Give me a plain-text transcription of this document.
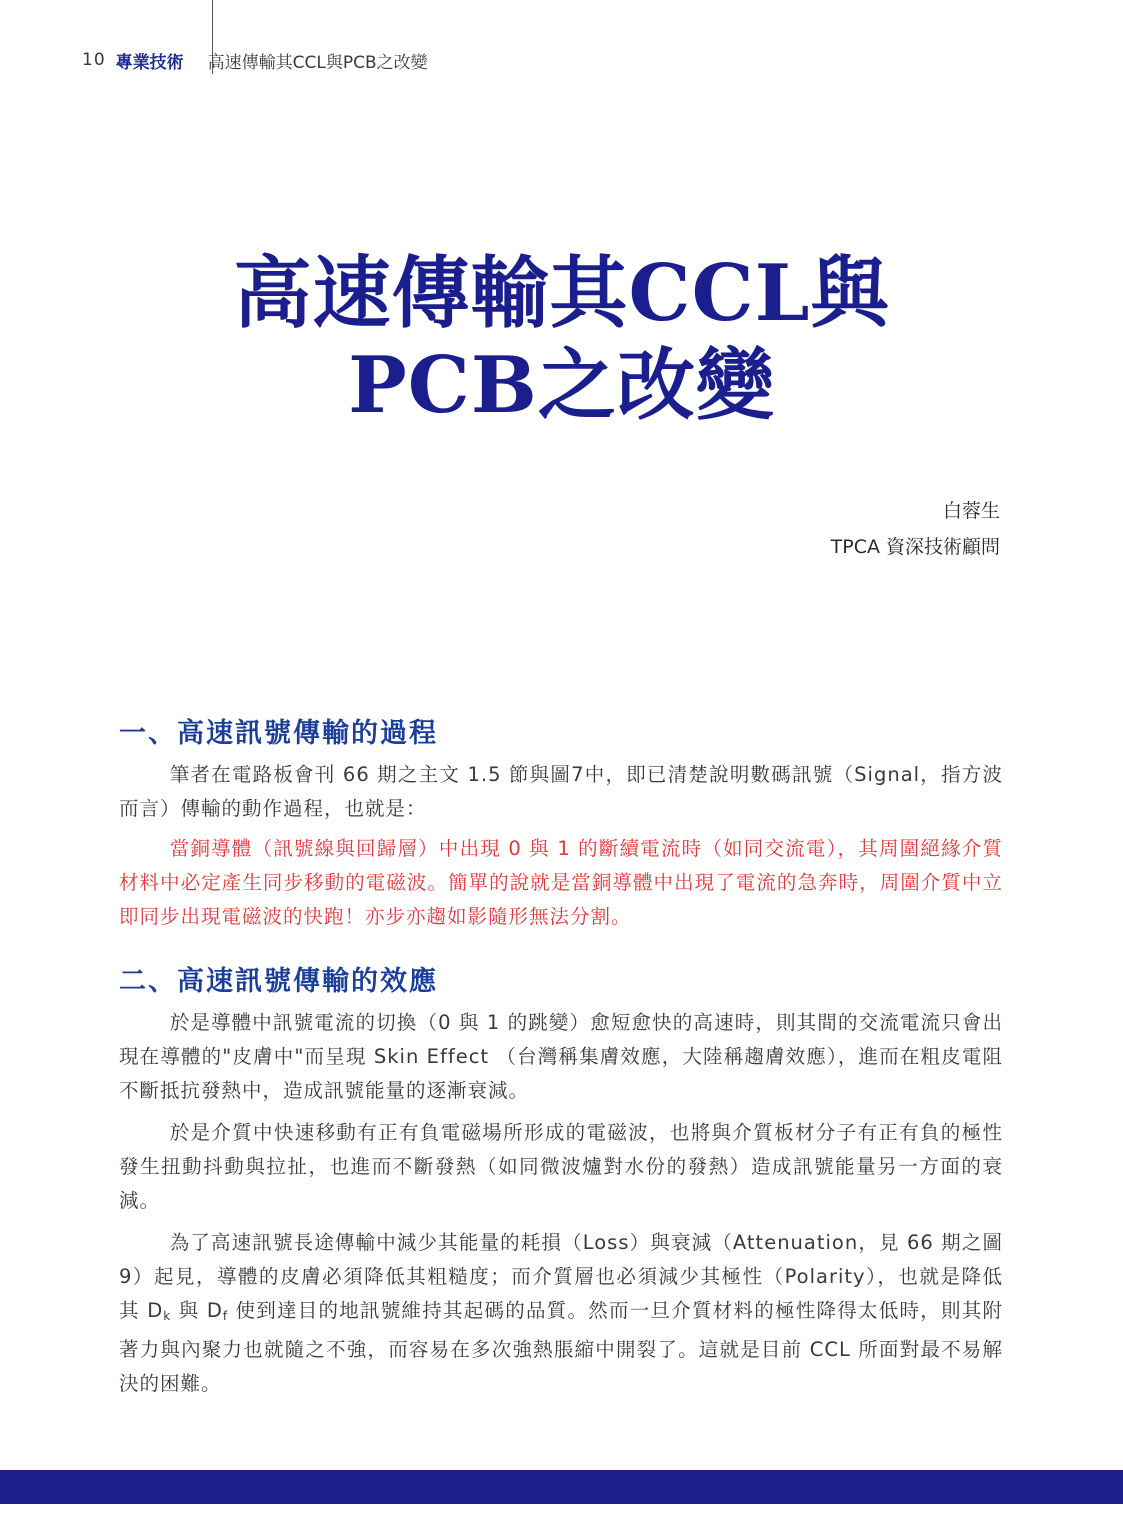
10 專業技術 高速傳輸其CCL與PCB之改變
高速傳輸其CCL與
PCB之改變
白蓉生
TPCA 資深技術顧問
一、高速訊號傳輸的過程

筆者在電路板會刊 66 期之主文 1.5 節與圖7中，即已清楚說明數碼訊號（Signal，指方波而言）傳輸的動作過程，也就是：

當銅導體（訊號線與回歸層）中出現 0 與 1 的斷續電流時（如同交流電），其周圍絕緣介質材料中必定產生同步移動的電磁波。簡單的說就是當銅導體中出現了電流的急奔時，周圍介質中立即同步出現電磁波的快跑！亦步亦趨如影隨形無法分割。

二、高速訊號傳輸的效應

於是導體中訊號電流的切換（0 與 1 的跳變）愈短愈快的高速時，則其間的交流電流只會出現在導體的"皮膚中"而呈現 Skin Effect （台灣稱集膚效應，大陸稱趨膚效應），進而在粗皮電阻不斷抵抗發熱中，造成訊號能量的逐漸衰減。

於是介質中快速移動有正有負電磁場所形成的電磁波，也將與介質板材分子有正有負的極性發生扭動抖動與拉扯，也進而不斷發熱（如同微波爐對水份的發熱）造成訊號能量另一方面的衰減。

為了高速訊號長途傳輸中減少其能量的耗損（Loss）與衰減（Attenuation，見 66 期之圖 9）起見，導體的皮膚必須降低其粗糙度；而介質層也必須減少其極性（Polarity），也就是降低其 $D_k$ 與 $D_f$ 使到達目的地訊號維持其起碼的品質。然而一旦介質材料的極性降得太低時，則其附著力與內聚力也就隨之不強，而容易在多次強熱脹縮中開裂了。這就是目前 CCL 所面對最不易解決的困難。
